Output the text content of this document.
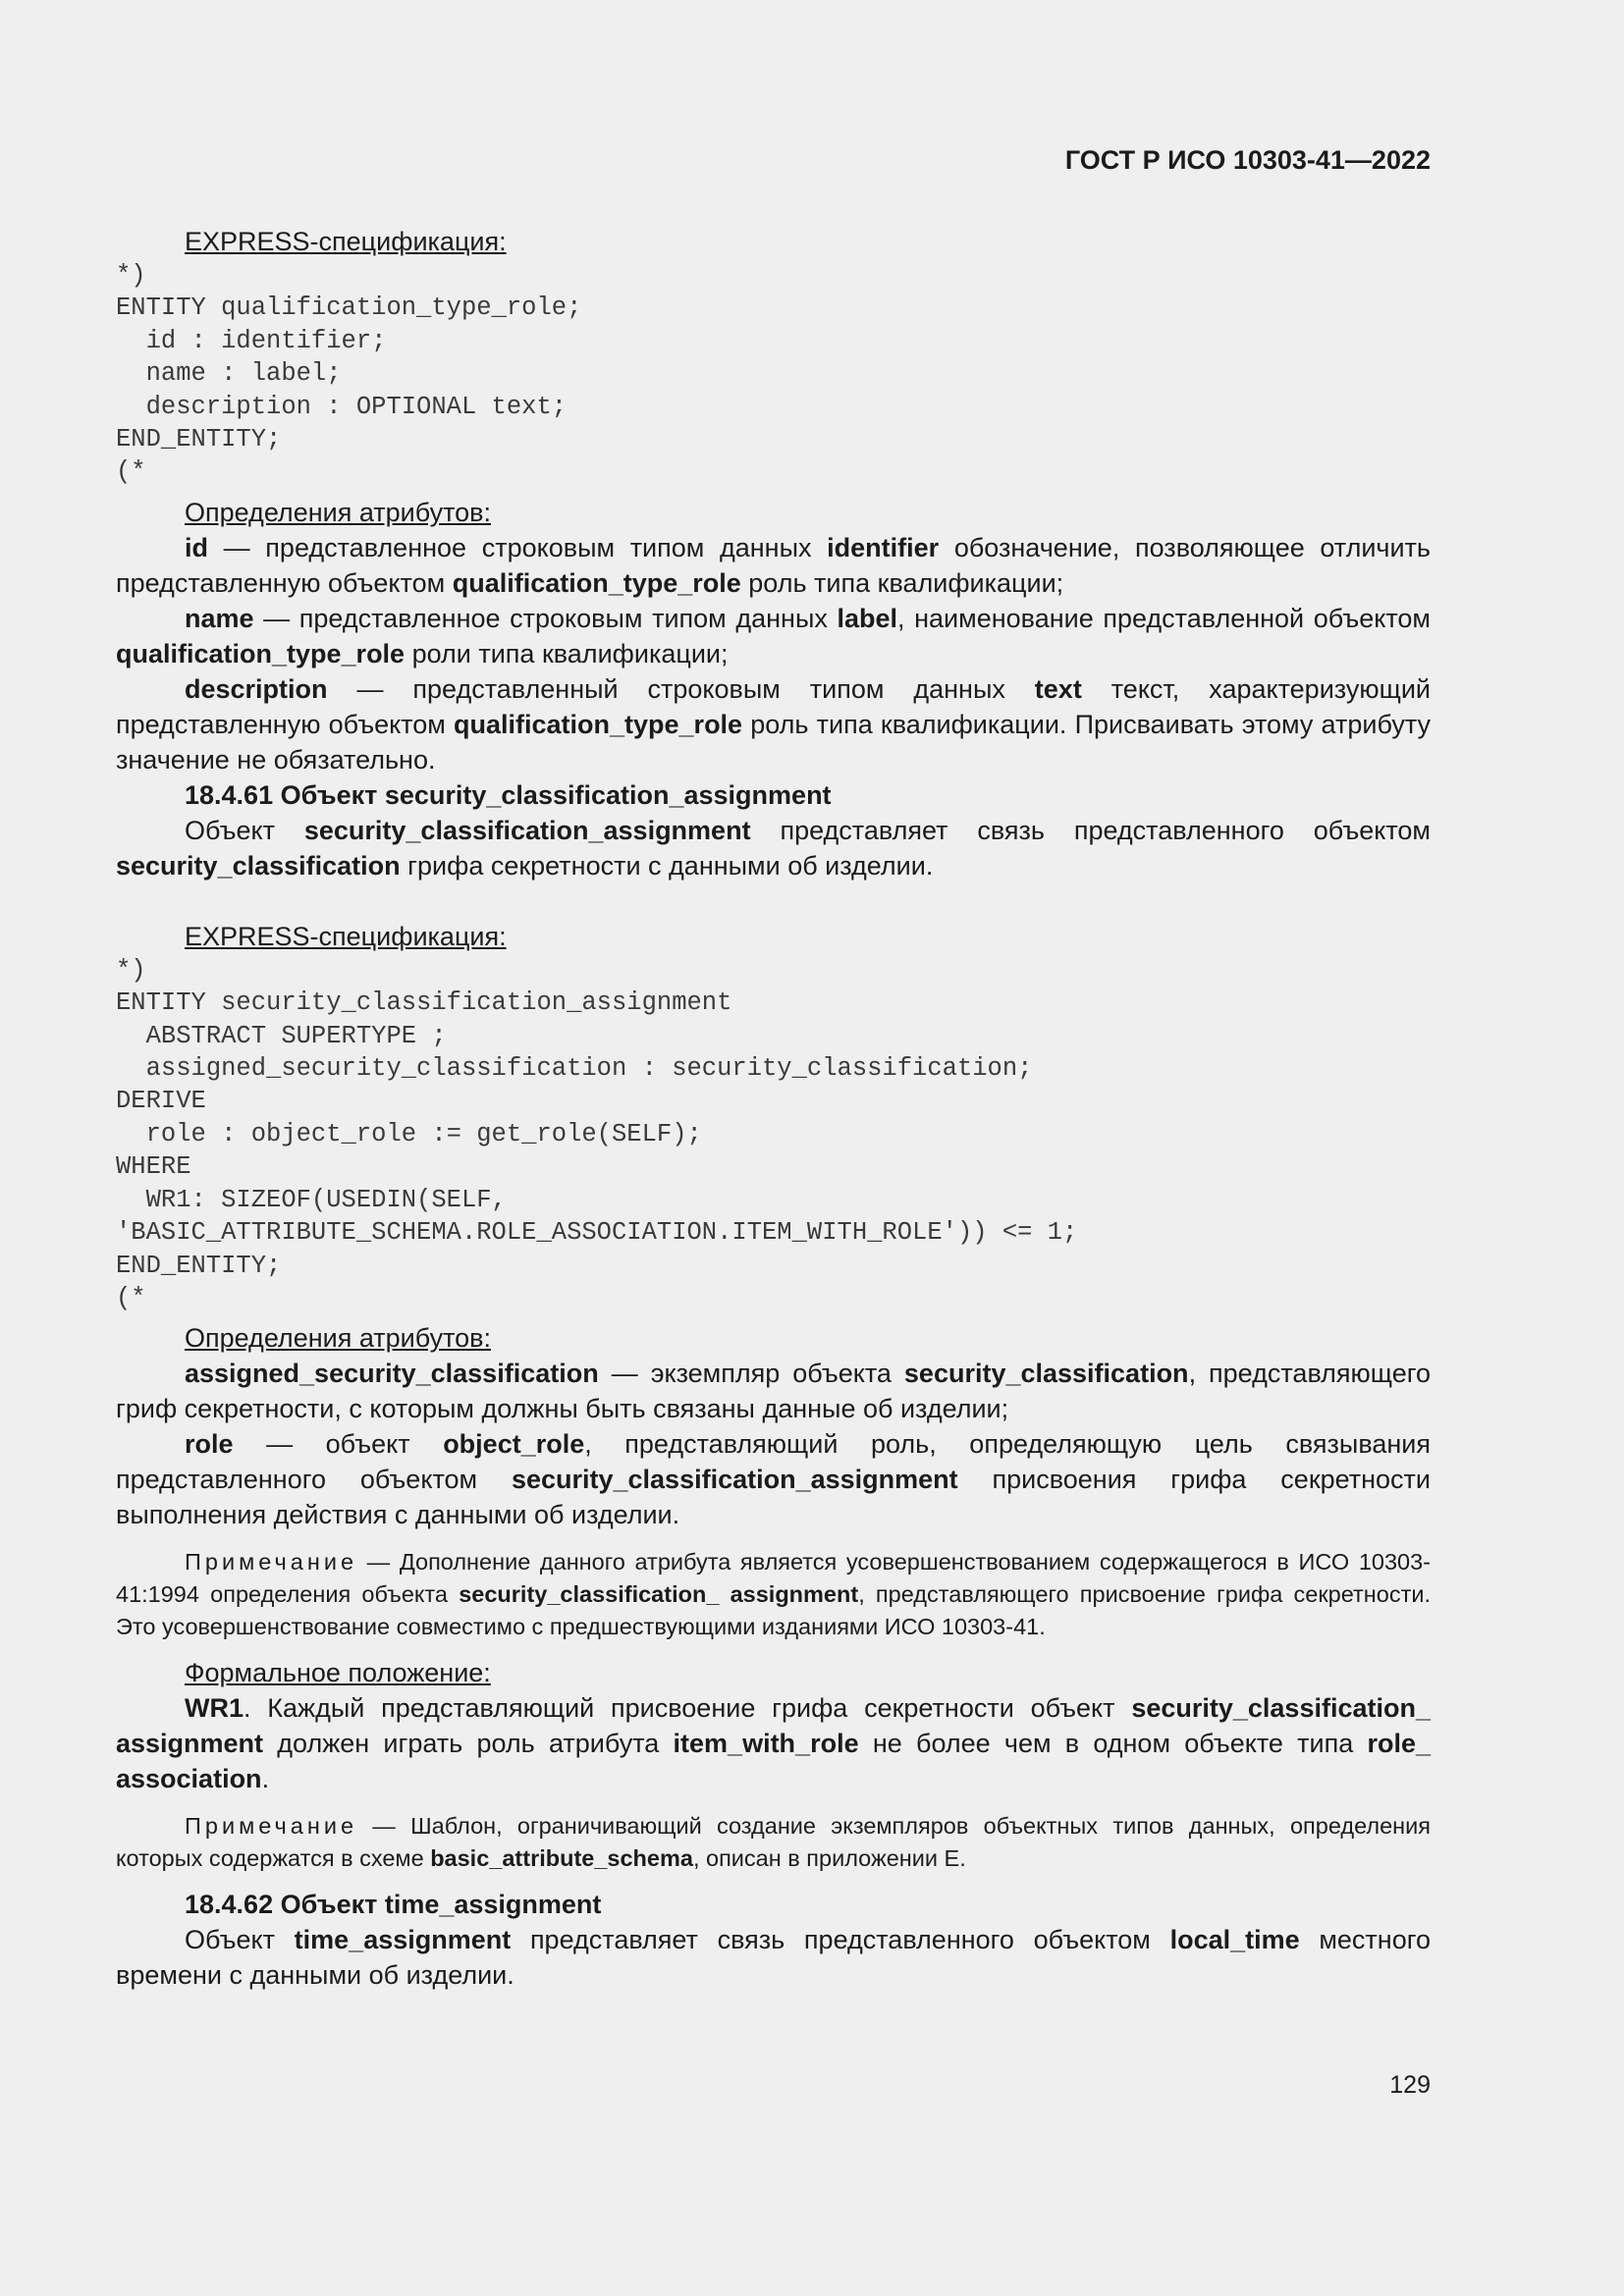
ГОСТ Р ИСО 10303-41—2022

EXPRESS-спецификация:

*)
ENTITY qualification_type_role;
id : identifier;
name : label;
description : OPTIONAL text;
END_ENTITY;
(*

Определения атрибутов:

id — представленное строковым типом данных identifier обозначение, позволяющее отличить представленную объектом qualification_type_role роль типа квалификации;

name — представленное строковым типом данных label, наименование представленной объектом qualification_type_role роли типа квалификации;

description — представленный строковым типом данных text текст, характеризующий представленную объектом qualification_type_role роль типа квалификации. Присваивать этому атрибуту значение не обязательно.

18.4.61 Объект security_classification_assignment

Объект security_classification_assignment представляет связь представленного объектом security_classification грифа секретности с данными об изделии.

EXPRESS-спецификация:

*)
ENTITY security_classification_assignment
ABSTRACT SUPERTYPE ;
assigned_security_classification : security_classification;
DERIVE
role : object_role := get_role(SELF);
WHERE
WR1: SIZEOF(USEDIN(SELF,
'BASIC_ATTRIBUTE_SCHEMA.ROLE_ASSOCIATION.ITEM_WITH_ROLE')) <= 1;
END_ENTITY;
(*

Определения атрибутов:

assigned_security_classification — экземпляр объекта security_classification, представляющего гриф секретности, с которым должны быть связаны данные об изделии;

role — объект object_role, представляющий роль, определяющую цель связывания представленного объектом security_classification_assignment присвоения грифа секретности выполнения действия с данными об изделии.

Примечание — Дополнение данного атрибута является усовершенствованием содержащегося в ИСО 10303-41:1994 определения объекта security_classification_ assignment, представляющего присвоение грифа секретности. Это усовершенствование совместимо с предшествующими изданиями ИСО 10303-41.

Формальное положение:

WR1. Каждый представляющий присвоение грифа секретности объект security_classification_ assignment должен играть роль атрибута item_with_role не более чем в одном объекте типа role_ association.

Примечание — Шаблон, ограничивающий создание экземпляров объектных типов данных, определения которых содержатся в схеме basic_attribute_schema, описан в приложении Е.

18.4.62 Объект time_assignment

Объект time_assignment представляет связь представленного объектом local_time местного времени с данными об изделии.

129
